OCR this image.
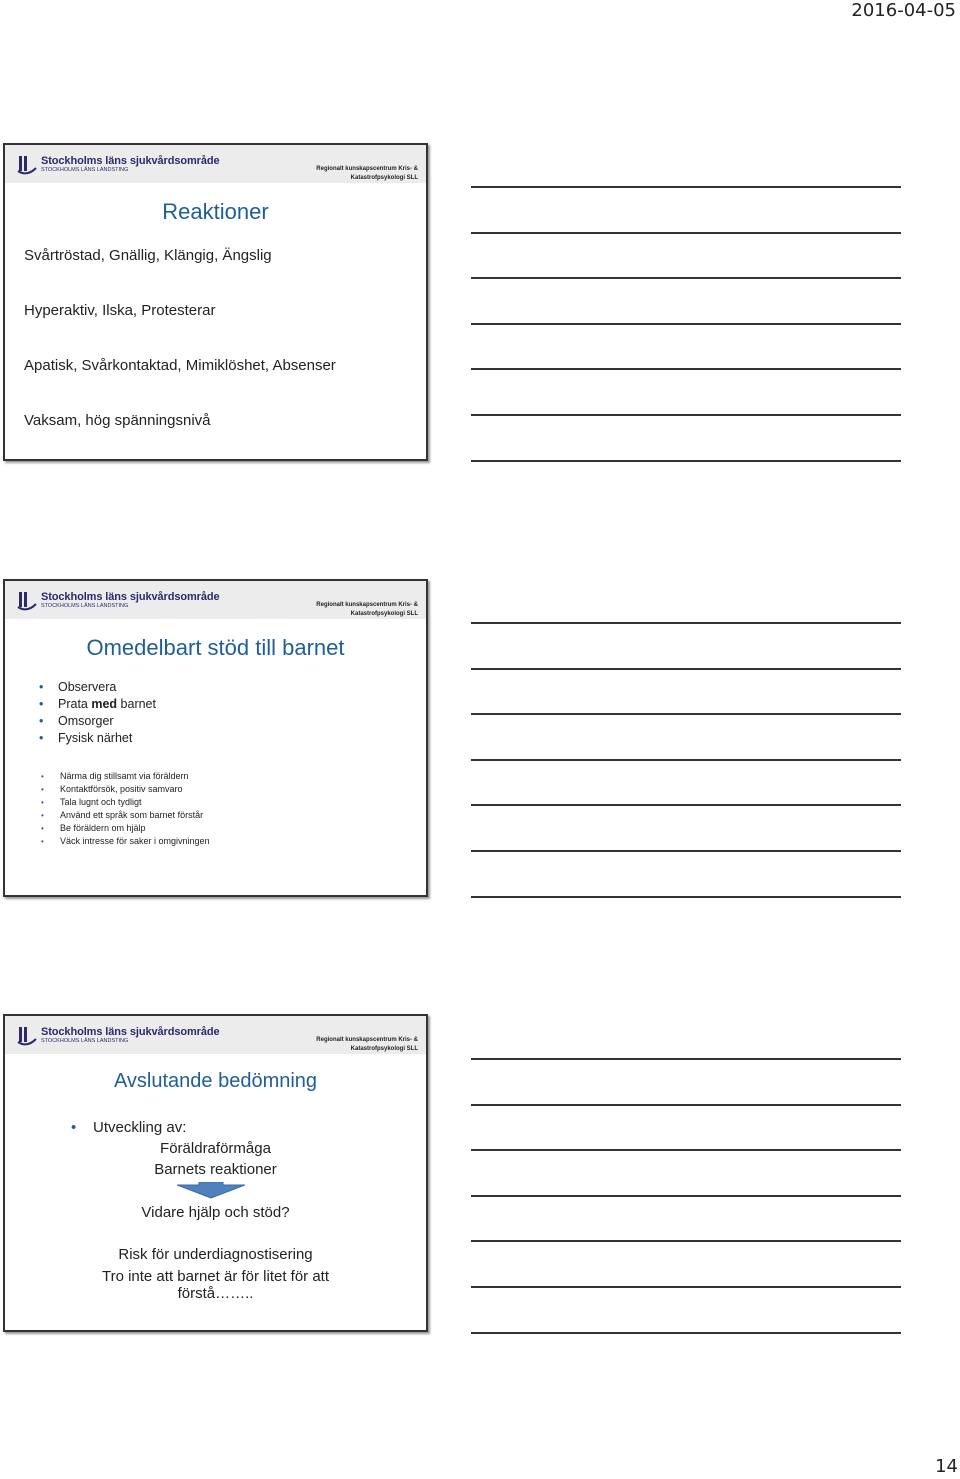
2016-04-05
Stockholms läns sjukvårdsområde
STOCKHOLMS LÄNS LANDSTING	Regionalt kunskapscentrum Kris- &
Katastrofpsykologi SLL
Reaktioner
Svårtröstad, Gnällig, Klängig, Ängslig
Hyperaktiv, Ilska, Protesterar
Apatisk, Svårkontaktad, Mimiklöshet, Absenser
Vaksam, hög spänningsnivå
Stockholms läns sjukvårdsområde
STOCKHOLMS LÄNS LANDSTING	Regionalt kunskapscentrum Kris- &
Katastrofpsykologi SLL
Omedelbart stöd till barnet
• Observera
• Prata med barnet
• Omsorger
• Fysisk närhet
• Närma dig stillsamt via föräldern
• Kontaktförsök, positiv samvaro
• Tala lugnt och tydligt
• Använd ett språk som barnet förstår
• Be föräldern om hjälp
• Väck intresse för saker i omgivningen
Stockholms läns sjukvårdsområde
STOCKHOLMS LÄNS LANDSTING	Regionalt kunskapscentrum Kris- &
Katastrofpsykologi SLL
Avslutande bedömning
• Utveckling av:
Föräldraförmåga
Barnets reaktioner
Vidare hjälp och stöd?
Risk för underdiagnostisering
Tro inte att barnet är för litet för att
förstå……..
14
